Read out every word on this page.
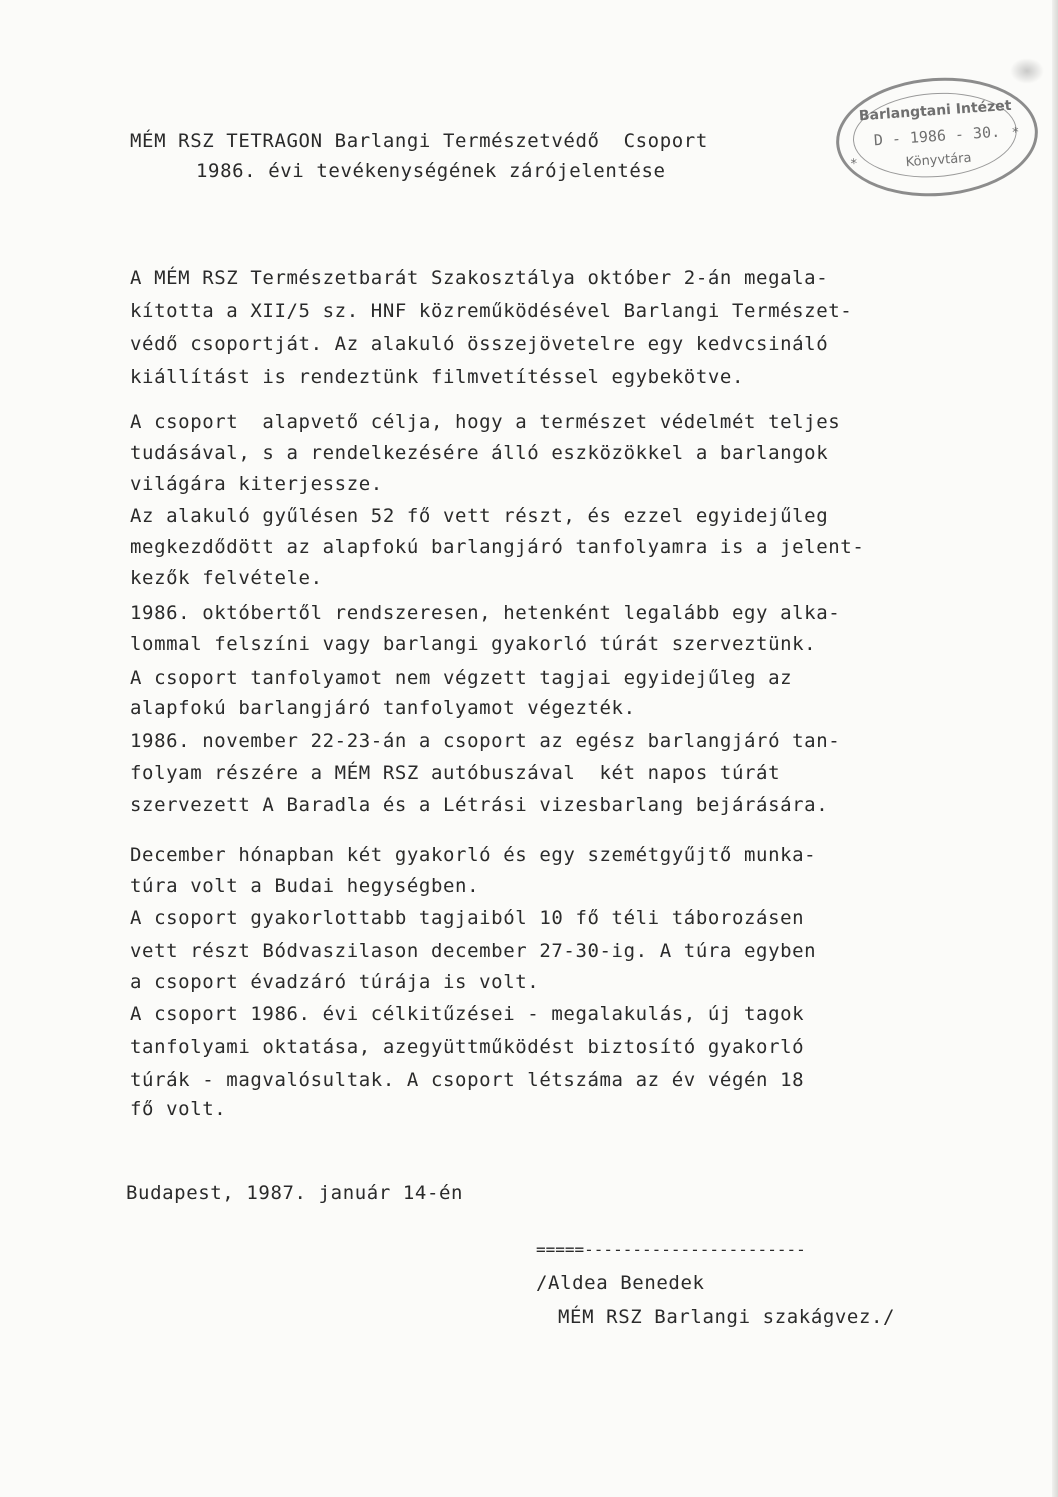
MÉM RSZ TETRAGON Barlangi Természetvédő  Csoport
1986. évi tevékenységének zárójelentése
Barlangtani Intézet
D - 1986 - 30.
Könyvtára
*
*
A MÉM RSZ Természetbarát Szakosztálya október 2-án megala-
kította a XII/5 sz. HNF közreműködésével Barlangi Természet-
védő csoportját. Az alakuló összejövetelre egy kedvcsináló
kiállítást is rendeztünk filmvetítéssel egybekötve.
A csoport  alapvető célja, hogy a természet védelmét teljes
tudásával, s a rendelkezésére álló eszközökkel a barlangok
világára kiterjessze.
Az alakuló gyűlésen 52 fő vett részt, és ezzel egyidejűleg
megkezdődött az alapfokú barlangjáró tanfolyamra is a jelent-
kezők felvétele.
1986. októbertől rendszeresen, hetenként legalább egy alka-
lommal felszíni vagy barlangi gyakorló túrát szerveztünk.
A csoport tanfolyamot nem végzett tagjai egyidejűleg az
alapfokú barlangjáró tanfolyamot végezték.
1986. november 22-23-án a csoport az egész barlangjáró tan-
folyam részére a MÉM RSZ autóbuszával  két napos túrát
szervezett A Baradla és a Létrási vizesbarlang bejárására.
December hónapban két gyakorló és egy szemétgyűjtő munka-
túra volt a Budai hegységben.
A csoport gyakorlottabb tagjaiból 10 fő téli táborozásen
vett részt Bódvaszilason december 27-30-ig. A túra egyben
a csoport évadzáró túrája is volt.
A csoport 1986. évi célkitűzései - megalakulás, új tagok
tanfolyami oktatása, azegyüttműködést biztosító gyakorló
túrák - magvalósultak. A csoport létszáma az év végén 18
fő volt.
Budapest, 1987. január 14-én
=====-----------------------
/Aldea Benedek
MÉM RSZ Barlangi szakágvez./
